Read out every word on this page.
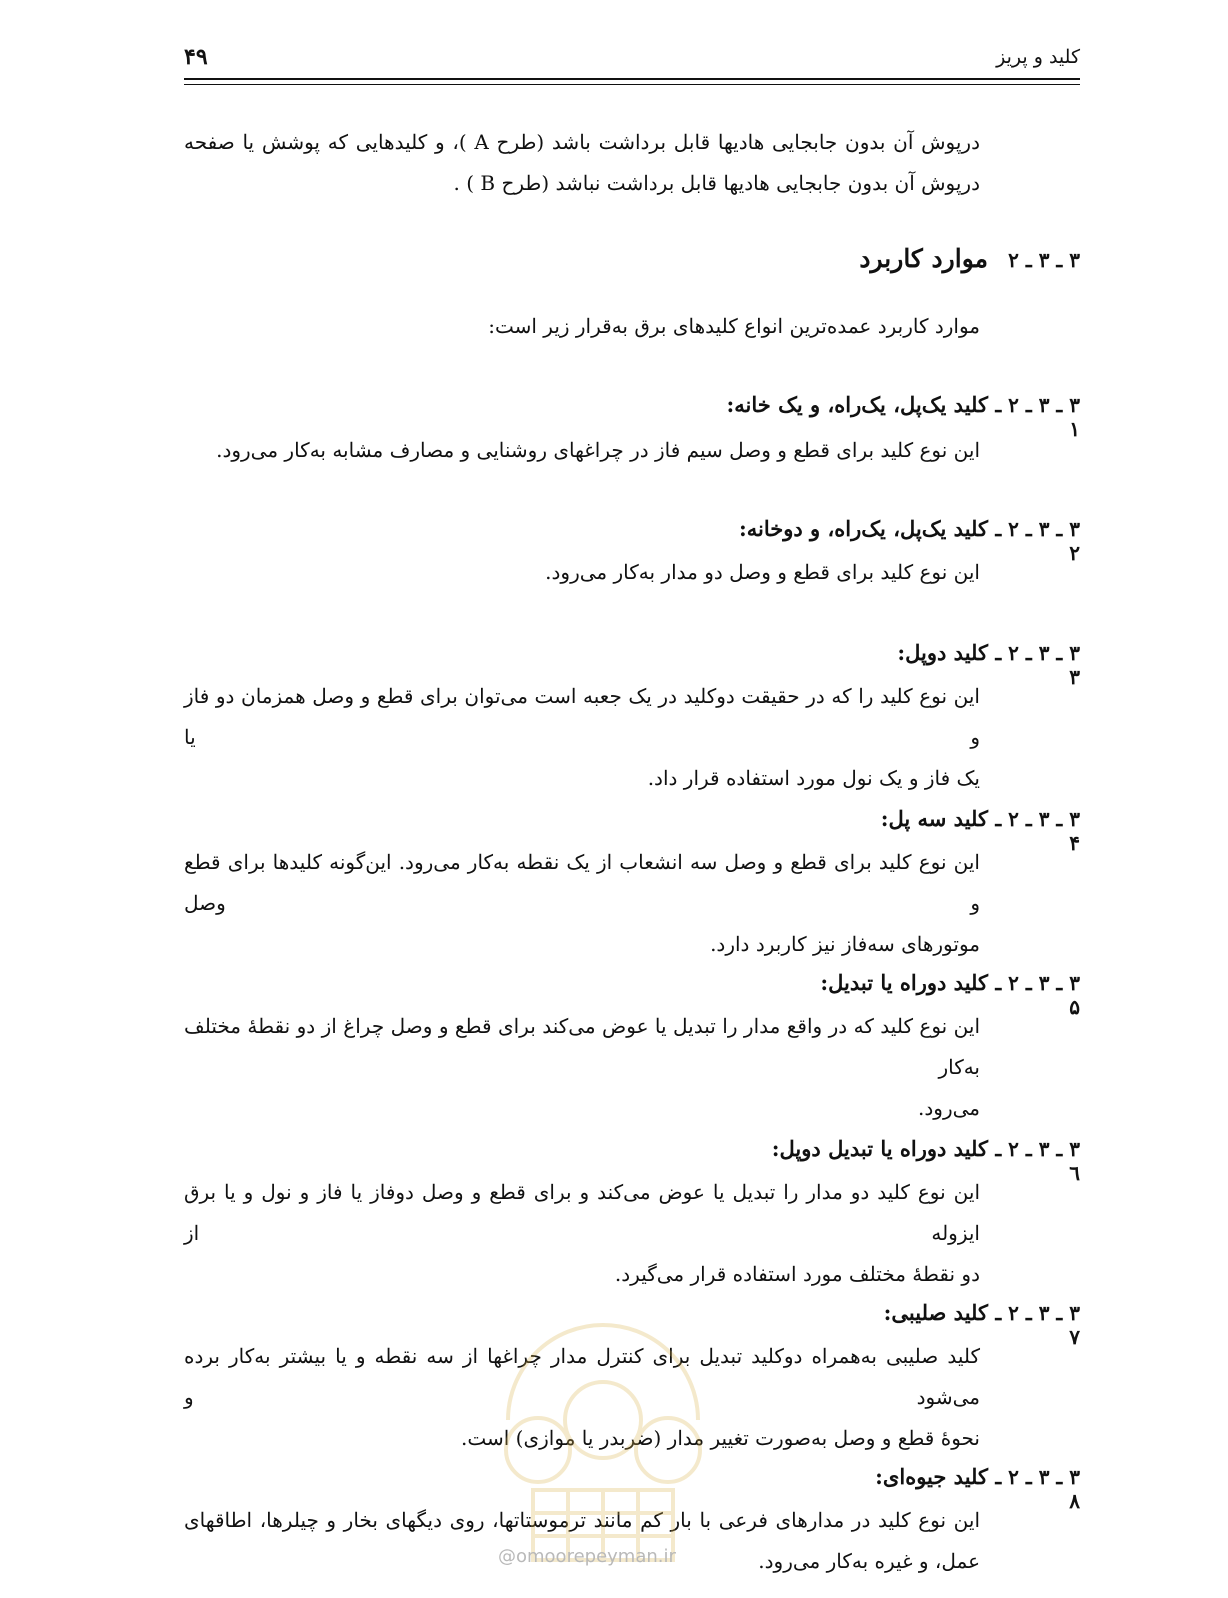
کلید و پریز
۴۹
درپوش آن بدون جابجایی هادیها قابل برداشت باشد (طرح A )، و کلیدهایی که پوشش یا صفحه
درپوش آن بدون جابجایی هادیها قابل برداشت نباشد (طرح B ) .
۳ ـ ۳ ـ ۲
موارد کاربرد
موارد کاربرد عمده‌ترین انواع کلیدهای برق به‌قرار زیر است:
۳ ـ ۳ ـ ۲ ـ ۱
کلید یک‌پل، یک‌راه، و یک خانه:
این نوع کلید برای قطع و وصل سیم فاز در چراغهای روشنایی و مصارف مشابه به‌کار می‌رود.
۳ ـ ۳ ـ ۲ ـ ۲
کلید یک‌پل، یک‌راه، و دوخانه:
این نوع کلید برای قطع و وصل دو مدار به‌کار می‌رود.
۳ ـ ۳ ـ ۲ ـ ۳
کلید دوپل:
این نوع کلید را که در حقیقت دوکلید در یک جعبه است می‌توان برای قطع و وصل همزمان دو فاز و یا
یک فاز و یک نول مورد استفاده قرار داد.
۳ ـ ۳ ـ ۲ ـ ۴
کلید سه پل:
این نوع کلید برای قطع و وصل سه انشعاب از یک نقطه به‌کار می‌رود. این‌گونه کلیدها برای قطع و وصل
موتورهای سه‌فاز نیز کاربرد دارد.
۳ ـ ۳ ـ ۲ ـ ۵
کلید دوراه یا تبدیل:
این نوع کلید که در واقع مدار را تبدیل یا عوض می‌کند برای قطع و وصل چراغ از دو نقطهٔ مختلف به‌کار
می‌رود.
۳ ـ ۳ ـ ۲ ـ ٦
کلید دوراه یا تبدیل دوپل:
این نوع کلید دو مدار را تبدیل یا عوض می‌کند و برای قطع و وصل دوفاز یا فاز و نول و یا برق ایزوله از
دو نقطهٔ مختلف مورد استفاده قرار می‌گیرد.
۳ ـ ۳ ـ ۲ ـ ۷
کلید صلیبی:
کلید صلیبی به‌همراه دوکلید تبدیل برای کنترل مدار چراغها از سه نقطه و یا بیشتر به‌کار برده می‌شود و
نحوهٔ قطع و وصل به‌صورت تغییر مدار (ضربدر یا موازی) است.
۳ ـ ۳ ـ ۲ ـ ۸
کلید جیوه‌ای:
این نوع کلید در مدارهای فرعی با بار کم مانند ترموستاتها، روی دیگهای بخار و چیلرها، اطاقهای
عمل، و غیره به‌کار می‌رود.
@omoorepeyman.ir
